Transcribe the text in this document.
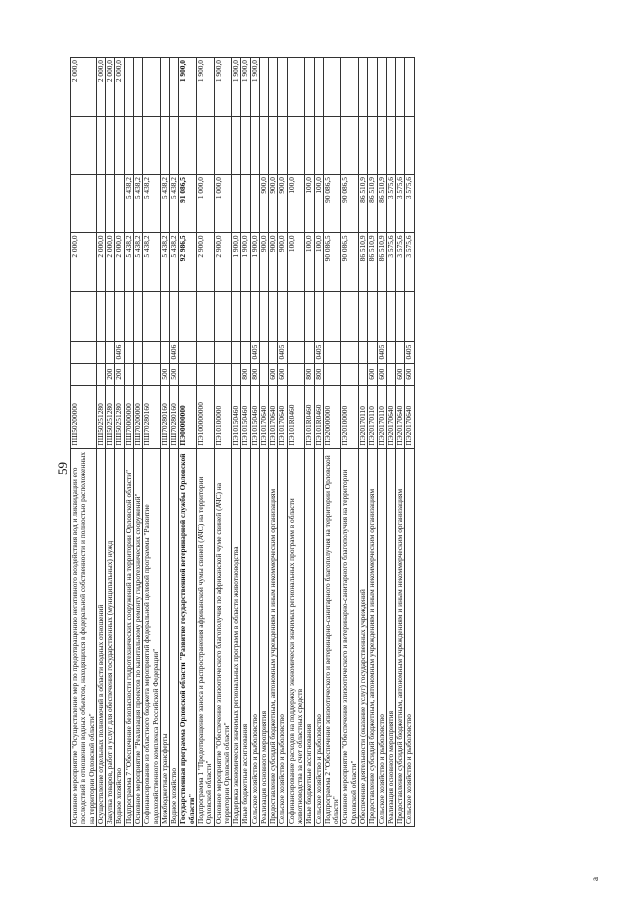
59 Основное мероприятие "Осуществление мер по предотвращению негативного воздействия вод и ликвидации его последствий в отношении водных объектов, находящихся в федеральной собственности и полностью расположенных на территории Орловской области"	ПШ50200000				2 000,0			2 000,0
Осуществление отдельных полномочий в области водных отношений	ПШ50251280				2 000,0			2 000,0
Закупка товаров, работ и услуг для обеспечения государственных (муниципальных) нужд	ПШ50251280	200			2 000,0			2 000,0
Водное хозяйство	ПШ50251280	200	0406		2 000,0			2 000,0
Подпрограмма 7 "Обеспечение безопасности гидротехнических сооружений на территории Орловской области"	ПШ70000000				5 438,2	5 438,2		
Основное мероприятие "Реализация проектов по капитальному ремонту гидротехнических сооружений"	ПШ70200000				5 438,2	5 438,2		
Софинансирование из областного бюджета мероприятий федеральной целевой программы "Развитие водохозяйственного комплекса Российской Федерации"	ПШ70280160				5 438,2	5 438,2		
Межбюджетные трансферты	ПШ70280160	500			5 438,2	5 438,2		
Водное хозяйство	ПШ70280160	500	0406		5 438,2	5 438,2		
Государственная программа Орловской области "Развитие государственной ветеринарной службы Орловской области"	ПЭ00000000				92 986,5	91 086,5		1 900,0
Подпрограмма 1 "Предотвращение заноса и распространения африканской чумы свиней (АЧС) на территории Орловской области"	ПЭ100000000				2 900,0	1 000,0		1 900,0
Основное мероприятие "Обеспечение эпизоотического благополучия по африканской чуме свиней (АЧС) на территории Орловской области"	ПЭ10100000				2 900,0	1 000,0		1 900,0
Поддержка экономически значимых региональных программ в области животноводства	ПЭ10150460				1 900,0			1 900,0
Иные бюджетные ассигнования	ПЭ10150460	800			1 900,0			1 900,0
Сельское хозяйство и рыболовство	ПЭ10150460	800	0405		1 900,0			1 900,0
Реализация основного мероприятия	ПЭ10170640				900,0	900,0		
Предоставление субсидий бюджетным, автономным учреждениям и иным некоммерческим организациям	ПЭ10170640	600			900,0	900,0		
Сельское хозяйство и рыболовство	ПЭ10170640	600	0405		900,0	900,0		
Софинансирование расходов на поддержку экономически значимых региональных программ в области животноводства за счет областных средств	ПЭ101R0460				100,0	100,0		
Иные бюджетные ассигнования	ПЭ101R0460	800			100,0	100,0		
Сельское хозяйство и рыболовство	ПЭ101R0460	800	0405		100,0	100,0		
Подпрограмма 2 "Обеспечение эпизоотического и ветеринарно-санитарного благополучия на территории Орловской области"	ПЭ20000000				90 086,5	90 086,5		
Основное мероприятие "Обеспечение эпизоотического и ветеринарно-санитарного благополучия на территории Орловской области"	ПЭ20100000				90 086,5	90 086,5		
Обеспечение деятельности (оказание услуг) государственных учреждений	ПЭ20170110				86 510,9	86 510,9		
Предоставление субсидий бюджетным, автономным учреждениям и иным некоммерческим организациям	ПЭ20170110	600			86 510,9	86 510,9		
Сельское хозяйство и рыболовство	ПЭ20170110	600	0405		86 510,9	86 510,9		
Реализация основного мероприятия	ПЭ20170640				3 575,6	3 575,6		
Предоставление субсидий бюджетным, автономным учреждениям и иным некоммерческим организациям	ПЭ20170640	600			3 575,6	3 575,6		
Сельское хозяйство и рыболовство	ПЭ20170640	600	0405		3 575,6	3 575,6		
a
